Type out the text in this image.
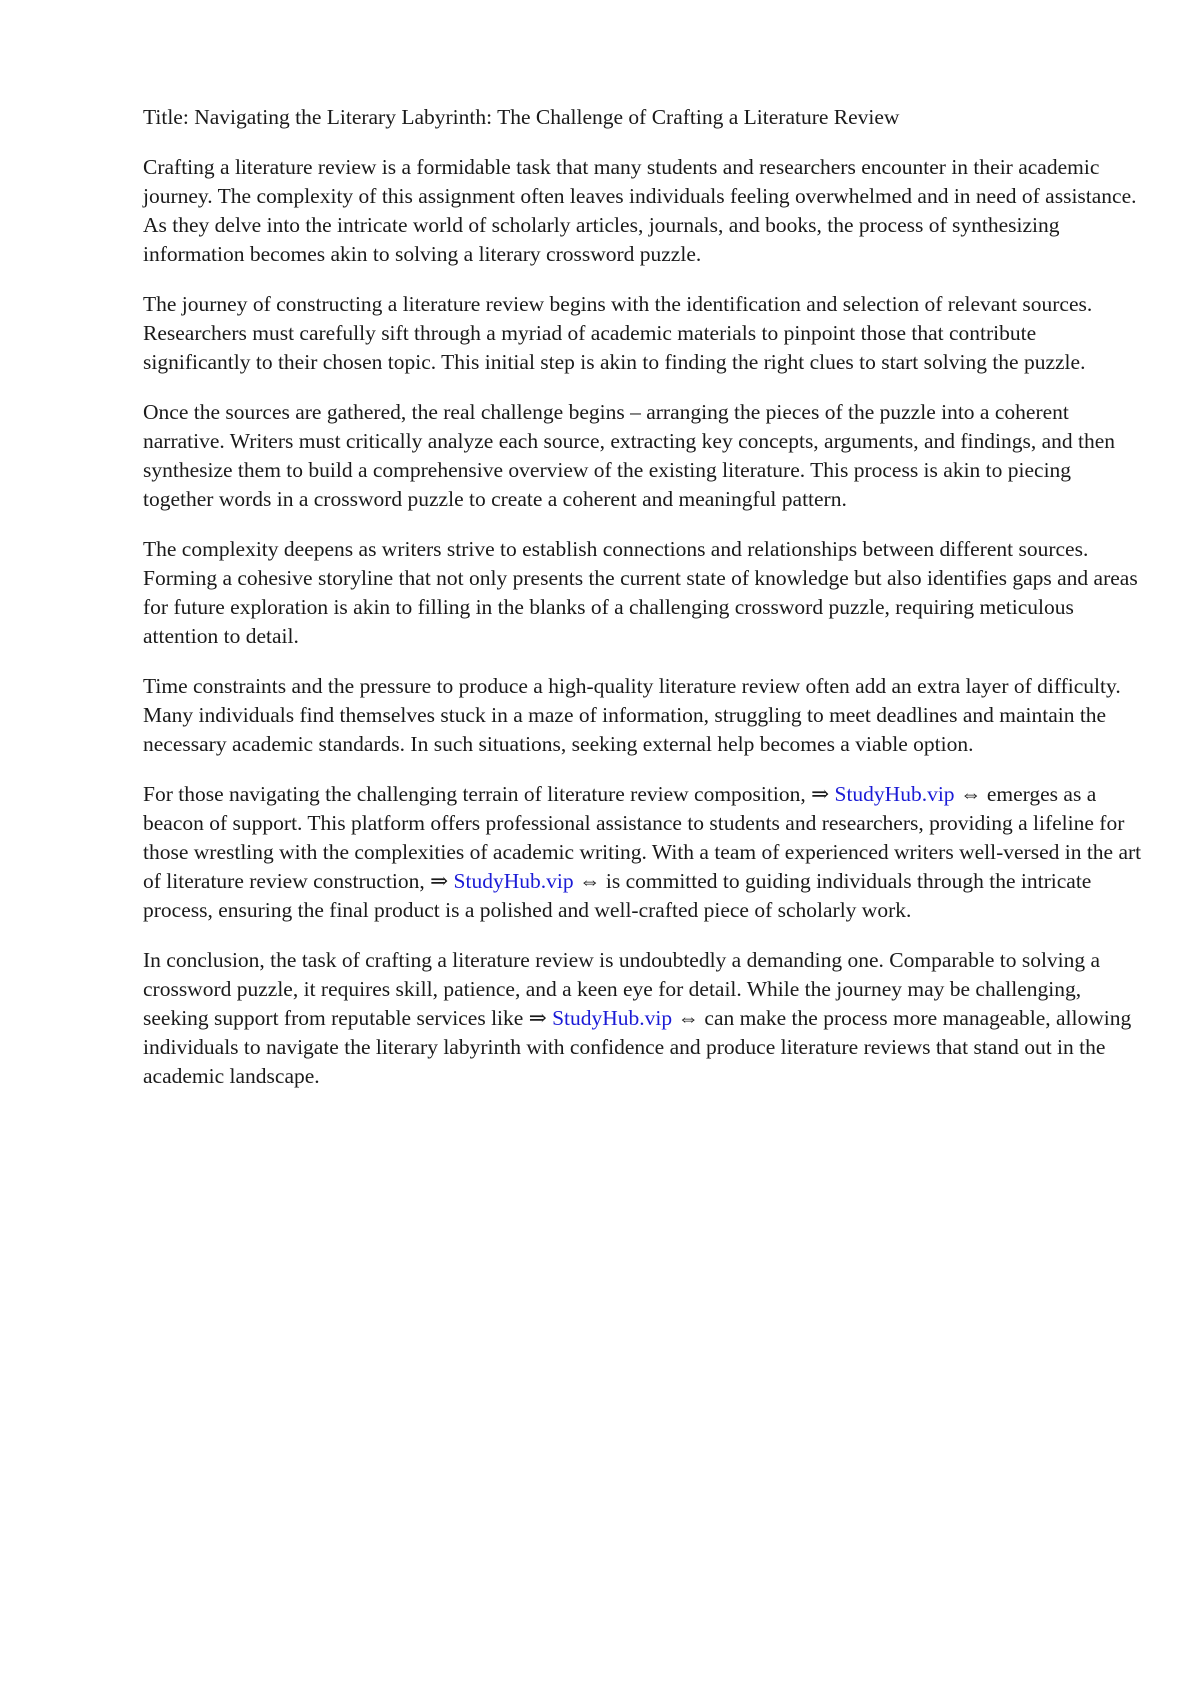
Title: Navigating the Literary Labyrinth: The Challenge of Crafting a Literature Review

Crafting a literature review is a formidable task that many students and researchers encounter in their academic journey. The complexity of this assignment often leaves individuals feeling overwhelmed and in need of assistance. As they delve into the intricate world of scholarly articles, journals, and books, the process of synthesizing information becomes akin to solving a literary crossword puzzle.

The journey of constructing a literature review begins with the identification and selection of relevant sources. Researchers must carefully sift through a myriad of academic materials to pinpoint those that contribute significantly to their chosen topic. This initial step is akin to finding the right clues to start solving the puzzle.

Once the sources are gathered, the real challenge begins – arranging the pieces of the puzzle into a coherent narrative. Writers must critically analyze each source, extracting key concepts, arguments, and findings, and then synthesize them to build a comprehensive overview of the existing literature. This process is akin to piecing together words in a crossword puzzle to create a coherent and meaningful pattern.

The complexity deepens as writers strive to establish connections and relationships between different sources. Forming a cohesive storyline that not only presents the current state of knowledge but also identifies gaps and areas for future exploration is akin to filling in the blanks of a challenging crossword puzzle, requiring meticulous attention to detail.

Time constraints and the pressure to produce a high-quality literature review often add an extra layer of difficulty. Many individuals find themselves stuck in a maze of information, struggling to meet deadlines and maintain the necessary academic standards. In such situations, seeking external help becomes a viable option.

For those navigating the challenging terrain of literature review composition, ⇒ StudyHub.vip ⇔ emerges as a beacon of support. This platform offers professional assistance to students and researchers, providing a lifeline for those wrestling with the complexities of academic writing. With a team of experienced writers well-versed in the art of literature review construction, ⇒ StudyHub.vip ⇔ is committed to guiding individuals through the intricate process, ensuring the final product is a polished and well-crafted piece of scholarly work.

In conclusion, the task of crafting a literature review is undoubtedly a demanding one. Comparable to solving a crossword puzzle, it requires skill, patience, and a keen eye for detail. While the journey may be challenging, seeking support from reputable services like ⇒ StudyHub.vip ⇔ can make the process more manageable, allowing individuals to navigate the literary labyrinth with confidence and produce literature reviews that stand out in the academic landscape.
